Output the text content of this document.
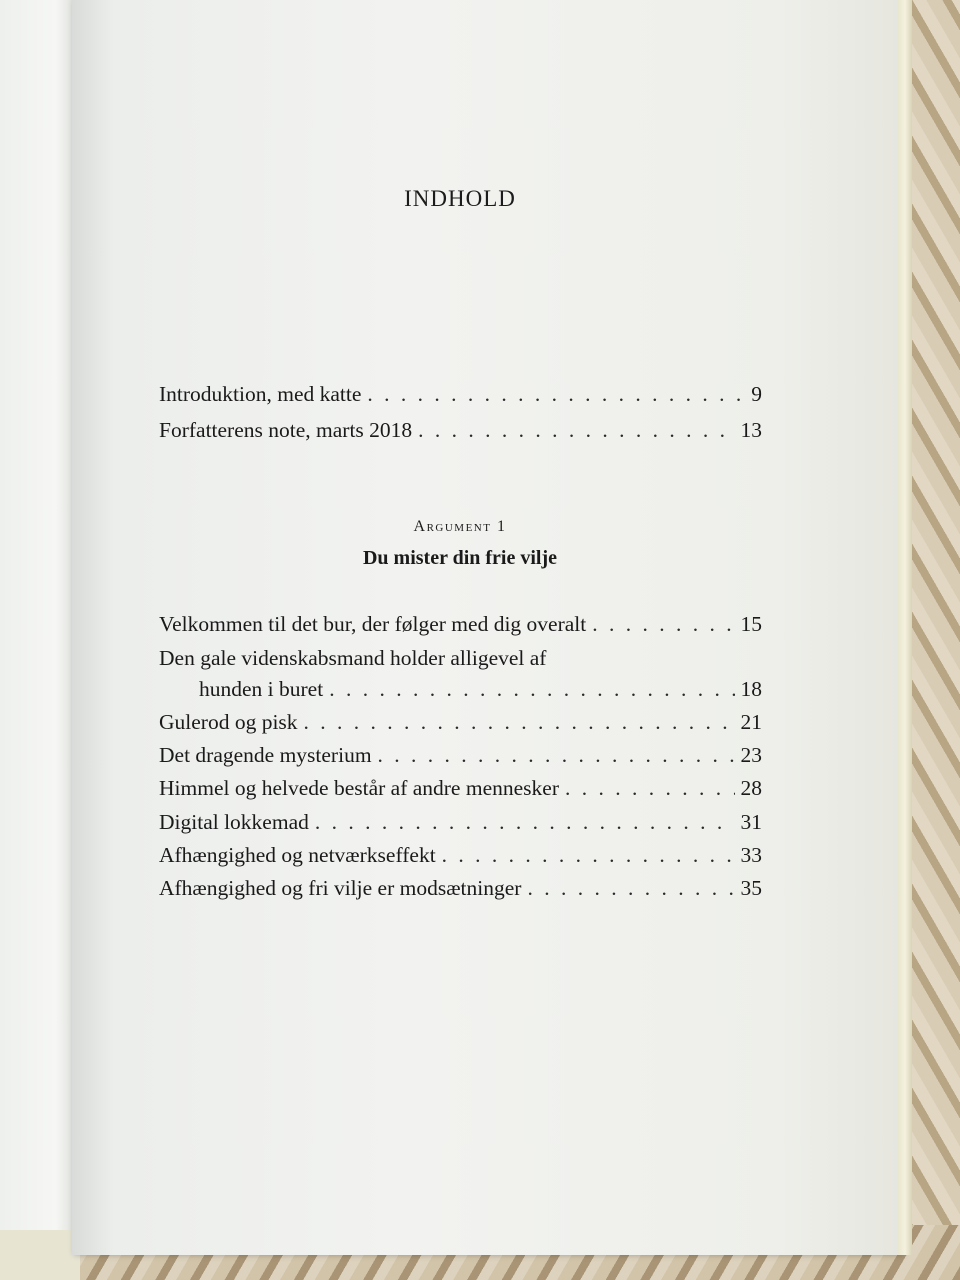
INDHOLD
Introduktion, med katte . . .	9
Forfatterens note, marts 2018 . . .	13
Argument 1
Du mister din frie vilje
Velkommen til det bur, der følger med dig overalt . . .	15
Den gale videnskabsmand holder alligevel af
hunden i buret . . .	18
Gulerod og pisk . . .	21
Det dragende mysterium . . .	23
Himmel og helvede består af andre mennesker . . .	28
Digital lokkemad . . .	31
Afhængighed og netværkseffekt . . .	33
Afhængighed og fri vilje er modsætninger . . .	35
